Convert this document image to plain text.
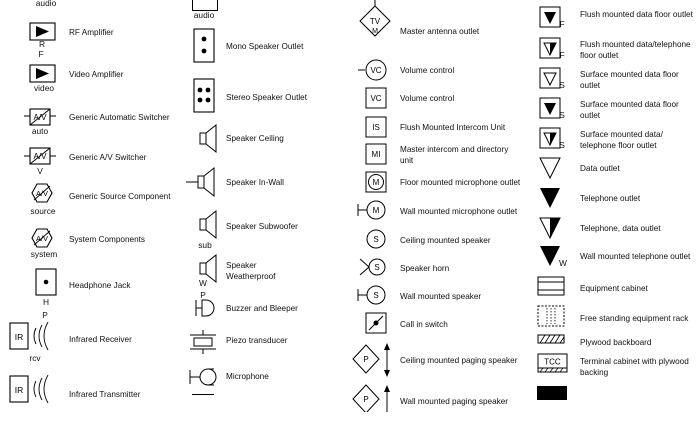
audio
R
F
RF Amplifier
video
Video Amplifier
A/V
auto
Generic Automatic Switcher
A/V
V
Generic A/V Switcher
A/V
source
Generic Source Component
A/V
system
System Components
H
P
Headphone Jack
IR
rcv
Infrared Receiver
IR	Infrared Transmitter
audio
Mono Speaker Outlet
Stereo Speaker Outlet
Speaker Ceiling
Speaker In-Wall
sub
Speaker Subwoofer
W
Speaker Weatherproof
P
Buzzer and Bleeper
Piezo transducer
Microphone
TV
M	Master antenna outlet
VC Volume control
VC Volume control
IS Flush Mounted Intercom Unit
MI
Master intercom and directory unit
M	Floor mounted microphone outlet
M	Wall mounted microphone outlet
S	Ceiling mounted speaker
S Speaker horn
S	Wall mounted speaker
Call in switch
P	Ceiling mounted paging speaker
P	Wall mounted paging speaker
F
Flush mounted data floor outlet
F
Flush mounted data/telephone floor outlet
S
Surface mounted data floor outlet
S
Surface mounted data floor outlet
S
Surface mounted data/ telephone floor outlet
Data outlet
Telephone outlet
Telephone, data outlet
W
Wall mounted telephone outlet
Equipment cabinet
Free standing equipment rack
Plywood backboard
TCC Terminal cabinet with plywood backing
